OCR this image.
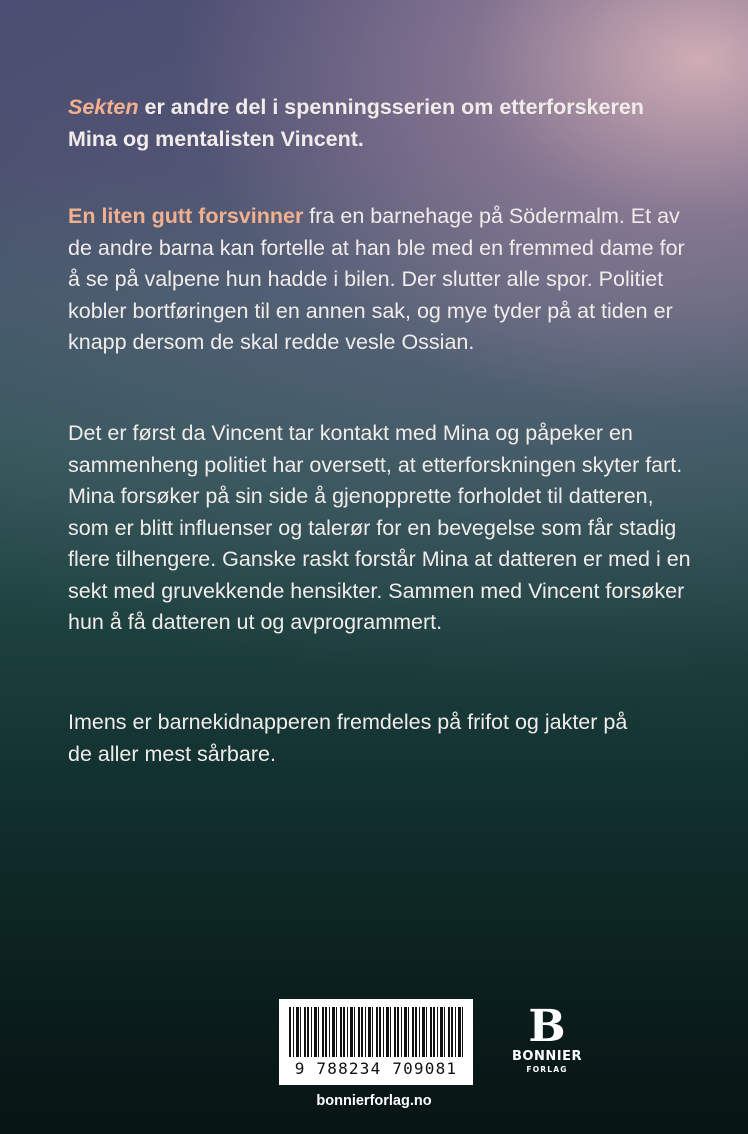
Sekten er andre del i spenningsserien om etterforskeren
Mina og mentalisten Vincent.

En liten gutt forsvinner fra en barnehage på Södermalm. Et av
de andre barna kan fortelle at han ble med en fremmed dame for
å se på valpene hun hadde i bilen. Der slutter alle spor. Politiet
kobler bortføringen til en annen sak, og mye tyder på at tiden er
knapp dersom de skal redde vesle Ossian.

Det er først da Vincent tar kontakt med Mina og påpeker en
sammenheng politiet har oversett, at etterforskningen skyter fart.
Mina forsøker på sin side å gjenopprette forholdet til datteren,
som er blitt influenser og talerør for en bevegelse som får stadig
flere tilhengere. Ganske raskt forstår Mina at datteren er med i en
sekt med gruvekkende hensikter. Sammen med Vincent forsøker
hun å få datteren ut og avprogrammert.

Imens er barnekidnapperen fremdeles på frifot og jakter på
de aller mest sårbare.

9 788234 709081
B
BONNIER
FORLAG
bonnierforlag.no
